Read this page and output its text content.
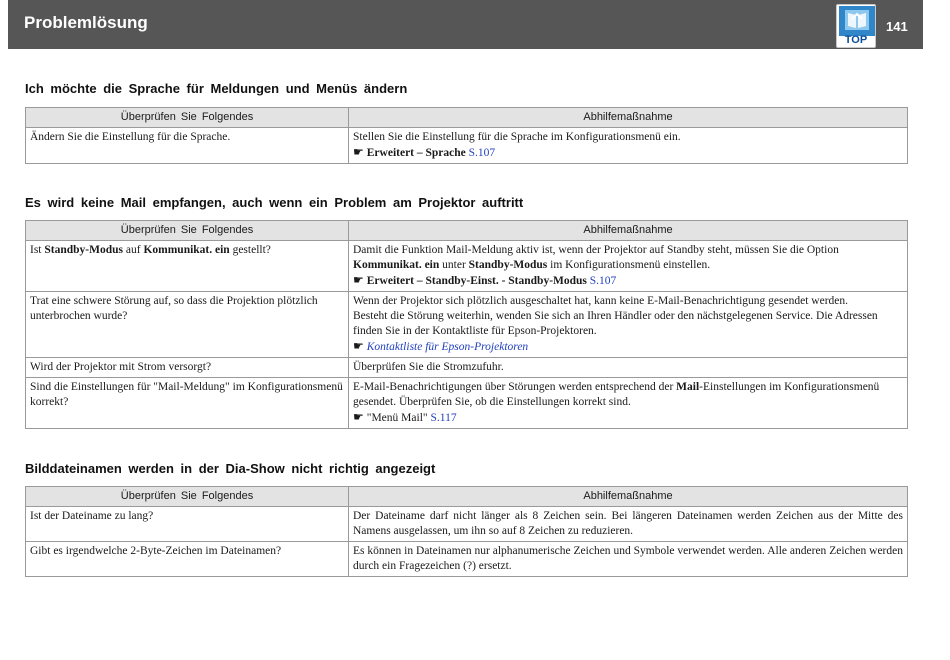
Problemlösung
TOP
141
Ich möchte die Sprache für Meldungen und Menüs ändern
Überprüfen Sie Folgendes	Abhilfemaßnahme
Ändern Sie die Einstellung für die Sprache.	Stellen Sie die Einstellung für die Sprache im Konfigurationsmenü ein.
☛ Erweitert – Sprache S.107
Es wird keine Mail empfangen, auch wenn ein Problem am Projektor auftritt
Überprüfen Sie Folgendes	Abhilfemaßnahme
Ist Standby-Modus auf Kommunikat. ein gestellt?	Damit die Funktion Mail-Meldung aktiv ist, wenn der Projektor auf Standby steht, müssen Sie die Option Kommunikat. ein unter Standby-Modus im Konfigurationsmenü einstellen.
☛ Erweitert – Standby-Einst. - Standby-Modus S.107

Trat eine schwere Störung auf, so dass die Projektion plötzlich unterbrochen wurde?	Wenn der Projektor sich plötzlich ausgeschaltet hat, kann keine E-Mail-Benachrichtigung gesendet werden.
Besteht die Störung weiterhin, wenden Sie sich an Ihren Händler oder den nächstgelegenen Service. Die Adressen finden Sie in der Kontaktliste für Epson-Projektoren.
☛ Kontaktliste für Epson-Projektoren

Wird der Projektor mit Strom versorgt?	Überprüfen Sie die Stromzufuhr.
Sind die Einstellungen für "Mail-Meldung" im Konfigurationsmenü korrekt?	E-Mail-Benachrichtigungen über Störungen werden entsprechend der Mail-Einstellungen im Konfigurationsmenü gesendet. Überprüfen Sie, ob die Einstellungen korrekt sind.
☛ "Menü Mail" S.117
Bilddateinamen werden in der Dia-Show nicht richtig angezeigt
Überprüfen Sie Folgendes	Abhilfemaßnahme
Ist der Dateiname zu lang?	Der Dateiname darf nicht länger als 8 Zeichen sein. Bei längeren Dateinamen werden Zeichen aus der Mitte des Namens ausgelassen, um ihn so auf 8 Zeichen zu reduzieren.
Gibt es irgendwelche 2-Byte-Zeichen im Dateinamen?	Es können in Dateinamen nur alphanumerische Zeichen und Symbole verwendet werden. Alle anderen Zeichen werden durch ein Fragezeichen (?) ersetzt.
